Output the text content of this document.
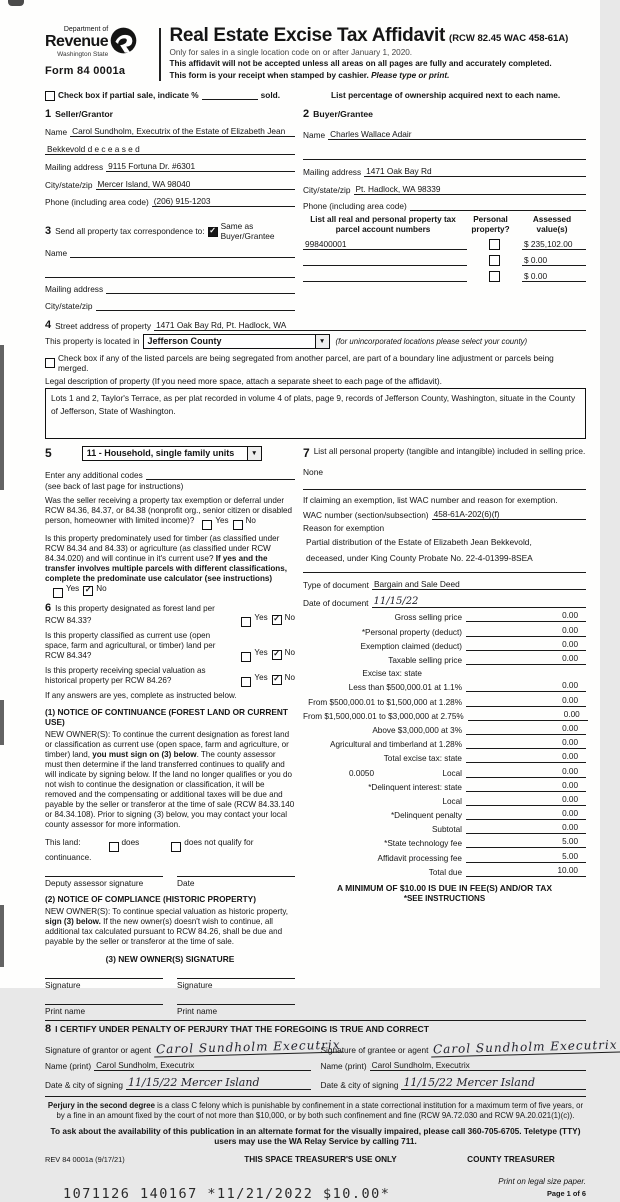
Department of
Revenue
Washington State
Form 84 0001a
Real Estate Excise Tax Affidavit (RCW 82.45 WAC 458-61A)
Only for sales in a single location code on or after January 1, 2020.
This affidavit will not be accepted unless all areas on all pages are fully and accurately completed.
This form is your receipt when stamped by cashier. Please type or print.
Check box if partial sale, indicate %	sold.	List percentage of ownership acquired next to each name.
1 Seller/Grantor
Name Carol Sundholm, Executrix of the Estate of Elizabeth Jean
Bekkevold d e c e a s e d
Mailing address 9115 Fortuna Dr. #6301
City/state/zip Mercer Island, WA 98040
Phone (including area code) (206) 915-1203
2 Buyer/Grantee
Name Charles Wallace Adair
Mailing address 1471 Oak Bay Rd
City/state/zip Pt. Hadlock, WA 98339
Phone (including area code)
3 Send all property tax correspondence to: ✓ Same as Buyer/Grantee
Name
Mailing address
City/state/zip
List all real and personal property tax parcel account numbers
Personal property?
Assessed value(s)
998400001	$ 235,102.00
$ 0.00
$ 0.00
4 Street address of property 1471 Oak Bay Rd, Pt. Hadlock, WA
This property is located in Jefferson County	▼	(for unincorporated locations please select your county)
Check box if any of the listed parcels are being segregated from another parcel, are part of a boundary line adjustment or parcels being merged.
Legal description of property (If you need more space, attach a separate sheet to each page of the affidavit).
Lots 1 and 2, Taylor's Terrace, as per plat recorded in volume 4 of plats, page 9, records of Jefferson County, Washington, situate in the County of Jefferson, State of Washington.
5	11 - Household, single family units	▼
Enter any additional codes
(see back of last page for instructions)
Was the seller receiving a property tax exemption or deferral under RCW 84.36, 84.37, or 84.38 (nonprofit org., senior citizen or disabled person, homeowner with limited income)?	Yes No
Is this property predominately used for timber (as classified under RCW 84.34 and 84.33) or agriculture (as classified under RCW 84.34.020) and will continue in it's current use? If yes and the transfer involves multiple parcels with different classifications, complete the predominate use calculator (see instructions)
Yes ✓ No
6 Is this property designated as forest land per RCW 84.33?	Yes ✓ No
Is this property classified as current use (open space, farm and agricultural, or timber) land per RCW 84.34?	Yes ✓ No
Is this property receiving special valuation as historical property per RCW 84.26?	Yes ✓ No
If any answers are yes, complete as instructed below.
(1) NOTICE OF CONTINUANCE (FOREST LAND OR CURRENT USE)
NEW OWNER(S): To continue the current designation as forest land or classification as current use (open space, farm and agriculture, or timber) land, you must sign on (3) below. The county assessor must then determine if the land transferred continues to qualify and will indicate by signing below. If the land no longer qualifies or you do not wish to continue the designation or classification, it will be removed and the compensating or additional taxes will be due and payable by the seller or transferor at the time of sale (RCW 84.33.140 or 84.34.108). Prior to signing (3) below, you may contact your local county assessor for more information.
This land:	does	does not qualify for
continuance.
Deputy assessor signature	Date
(2) NOTICE OF COMPLIANCE (HISTORIC PROPERTY)
NEW OWNER(S): To continue special valuation as historic property, sign (3) below. If the new owner(s) doesn't wish to continue, all additional tax calculated pursuant to RCW 84.26, shall be due and payable by the seller or transferor at the time of sale.
(3) NEW OWNER(S) SIGNATURE
Signature	Signature
Print name	Print name
7 List all personal property (tangible and intangible) included in selling price.
None
If claiming an exemption, list WAC number and reason for exemption.
WAC number (section/subsection) 458-61A-202(6)(f)
Reason for exemption
Partial distribution of the Estate of Elizabeth Jean Bekkevold,
deceased, under King County Probate No. 22-4-01399-8SEA
Type of document Bargain and Sale Deed
Date of document 11/15/22
Gross selling price	0.00
*Personal property (deduct)	0.00
Exemption claimed (deduct)	0.00
Taxable selling price	0.00
Excise tax: state
Less than $500,000.01 at 1.1%	0.00
From $500,000.01 to $1,500,000 at 1.28%	0.00
From $1,500,000.01 to $3,000,000 at 2.75%	0.00
Above $3,000,000 at 3%	0.00
Agricultural and timberland at 1.28%	0.00
Total excise tax: state	0.00
0.0050	Local	0.00
*Delinquent interest: state	0.00
Local	0.00
*Delinquent penalty	0.00
Subtotal	0.00
*State technology fee	5.00
Affidavit processing fee	5.00
Total due	10.00
A MINIMUM OF $10.00 IS DUE IN FEE(S) AND/OR TAX
*SEE INSTRUCTIONS
8 I CERTIFY UNDER PENALTY OF PERJURY THAT THE FOREGOING IS TRUE AND CORRECT
Signature of grantor or agent Carol Sundholm Executrix
Signature of grantee or agent Carol Sundholm Executrix
Name (print) Carol Sundholm, Executrix	Name (print) Carol Sundholm, Executrix
Date & city of signing 11/15/22 Mercer Island	Date & city of signing 11/15/22 Mercer Island
Perjury in the second degree is a class C felony which is punishable by confinement in a state correctional institution for a maximum term of five years, or by a fine in an amount fixed by the court of not more than $10,000, or by both such confinement and fine (RCW 9A.72.030 and RCW 9A.20.021(1)(c)).
To ask about the availability of this publication in an alternate format for the visually impaired, please call 360-705-6705. Teletype (TTY) users may use the WA Relay Service by calling 711.
REV 84 0001a (9/17/21)	THIS SPACE TREASURER'S USE ONLY	COUNTY TREASURER
1071126 140167 *11/21/2022 $10.00*
Print on legal size paper.
Page 1 of 6
